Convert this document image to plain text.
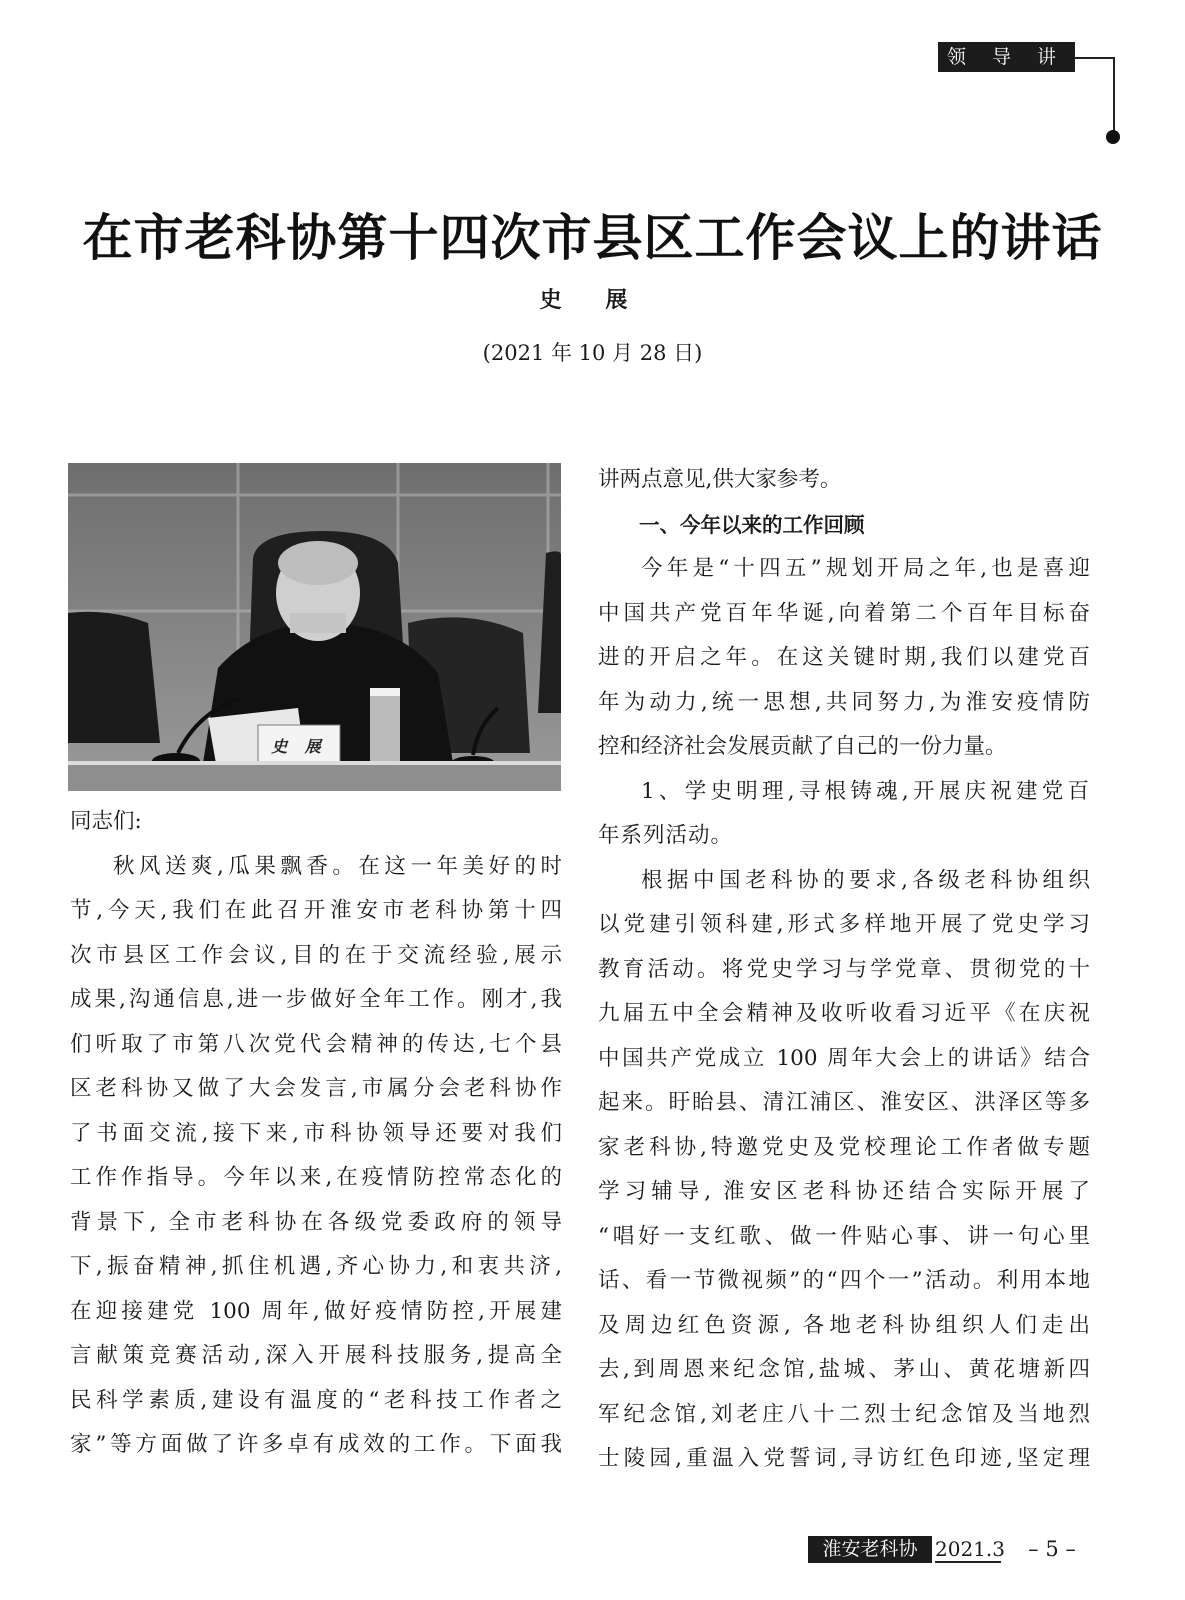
领 导 讲 话
在市老科协第十四次市县区工作会议上的讲话
史 展
(2021 年 10 月 28 日)
史 展

同志们:

秋风送爽,瓜果飘香。在这一年美好的时

节,今天,我们在此召开淮安市老科协第十四

次市县区工作会议,目的在于交流经验,展示

成果,沟通信息,进一步做好全年工作。刚才,我

们听取了市第八次党代会精神的传达,七个县

区老科协又做了大会发言,市属分会老科协作

了书面交流,接下来,市科协领导还要对我们

工作作指导。今年以来,在疫情防控常态化的

背景下, 全市老科协在各级党委政府的领导

下,振奋精神,抓住机遇,齐心协力,和衷共济,

在迎接建党 100 周年,做好疫情防控,开展建

言献策竞赛活动,深入开展科技服务,提高全

民科学素质,建设有温度的“老科技工作者之

家”等方面做了许多卓有成效的工作。下面我

讲两点意见,供大家参考。

一、今年以来的工作回顾

今年是“十四五”规划开局之年,也是喜迎

中国共产党百年华诞,向着第二个百年目标奋

进的开启之年。在这关键时期,我们以建党百

年为动力,统一思想,共同努力,为淮安疫情防

控和经济社会发展贡献了自己的一份力量。

1、学史明理,寻根铸魂,开展庆祝建党百

年系列活动。

根据中国老科协的要求,各级老科协组织

以党建引领科建,形式多样地开展了党史学习

教育活动。将党史学习与学党章、贯彻党的十

九届五中全会精神及收听收看习近平《在庆祝

中国共产党成立 100 周年大会上的讲话》结合

起来。盱眙县、清江浦区、淮安区、洪泽区等多

家老科协,特邀党史及党校理论工作者做专题

学习辅导, 淮安区老科协还结合实际开展了

“唱好一支红歌、做一件贴心事、讲一句心里

话、看一节微视频”的“四个一”活动。利用本地

及周边红色资源, 各地老科协组织人们走出

去,到周恩来纪念馆,盐城、茅山、黄花塘新四

军纪念馆,刘老庄八十二烈士纪念馆及当地烈

士陵园,重温入党誓词,寻访红色印迹,坚定理

淮安老科协 2021.3	– 5 –
